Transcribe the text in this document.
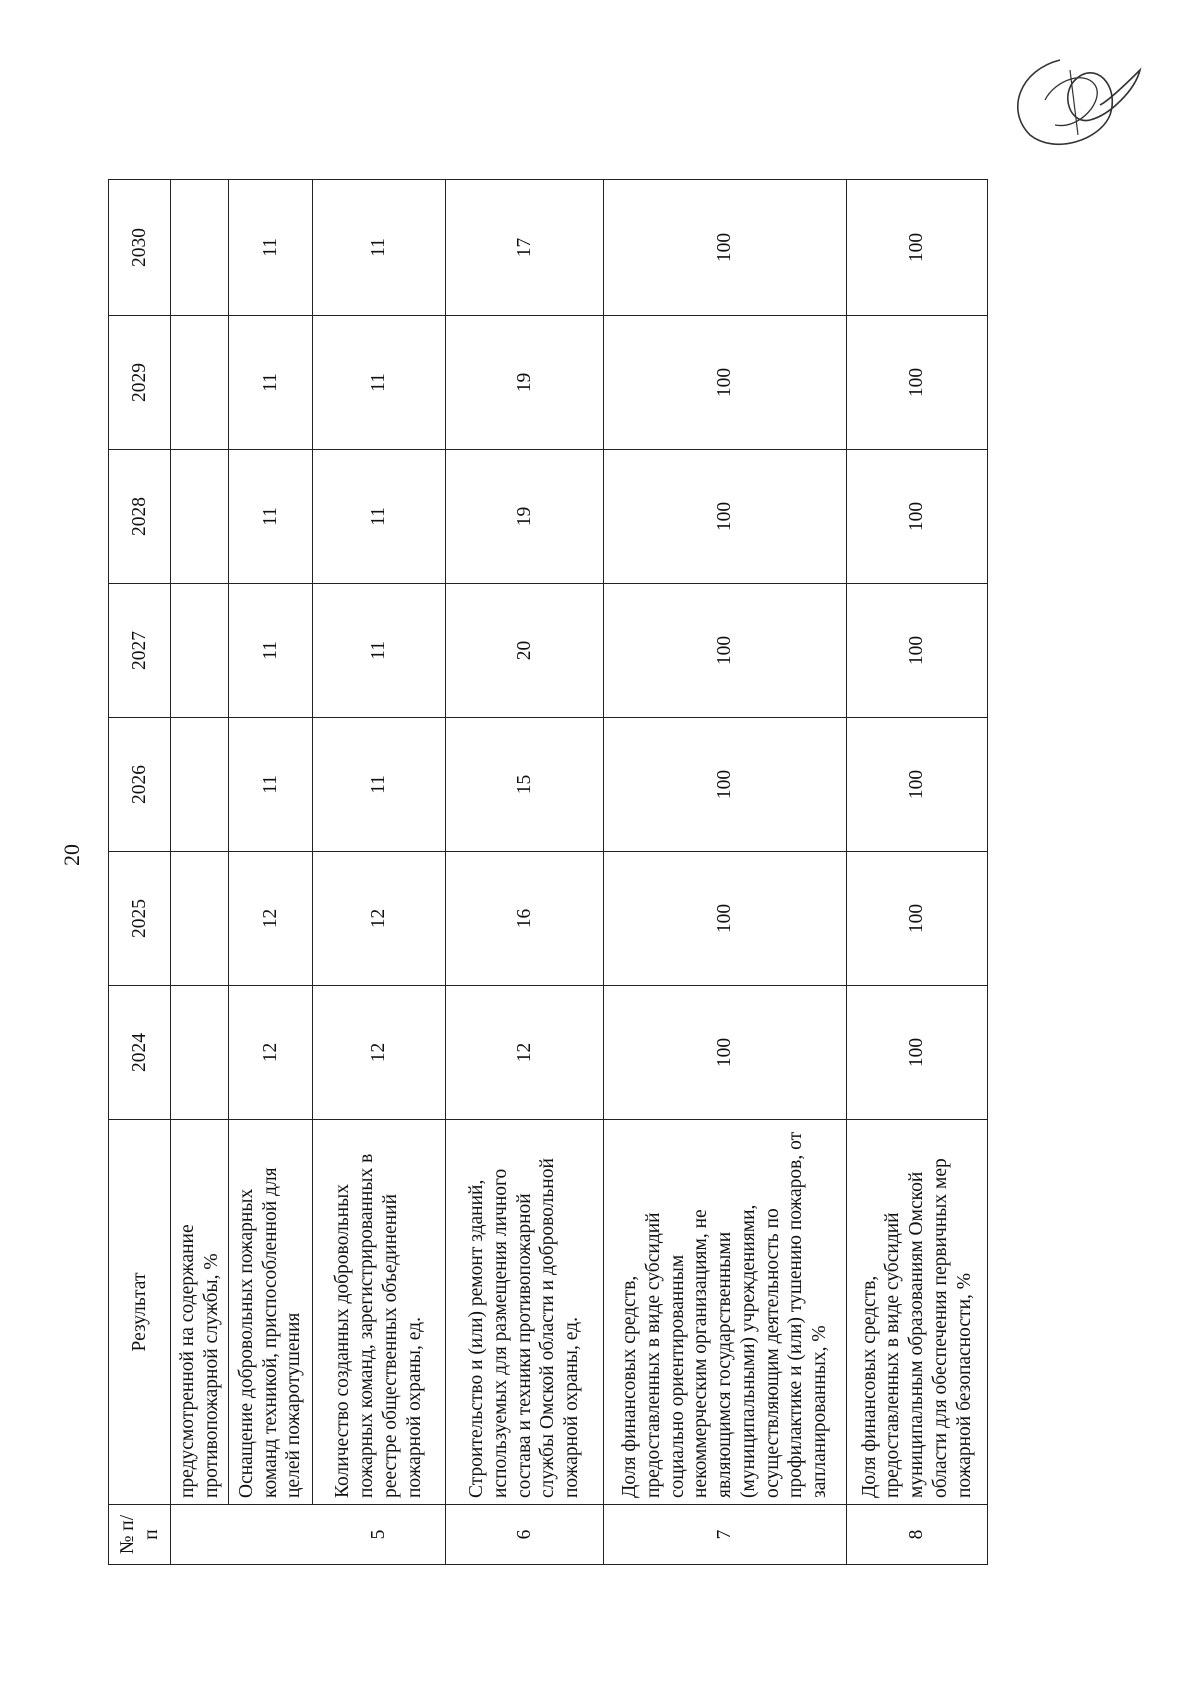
20
№ п/п	Результат	2024	2025	2026	2027	2028	2029	2030
	предусмотренной на содержание противопожарной службы, %							
	Оснащение добровольных пожарных команд техникой, приспособленной для целей пожаротушения	12	12	11	11	11	11	11
5	Количество созданных добровольных пожарных команд, зарегистрированных в реестре общественных объединений пожарной охраны, ед.	12	12	11	11	11	11	11
6	Строительство и (или) ремонт зданий, используемых для размещения личного состава и техники противопожарной службы Омской области и добровольной пожарной охраны, ед.	12	16	15	20	19	19	17
7	Доля финансовых средств, предоставленных в виде субсидий социально ориентированным некоммерческим организациям, не являющимся государственными (муниципальными) учреждениями, осуществляющим деятельность по профилактике и (или) тушению пожаров, от запланированных, %	100	100	100	100	100	100	100
8	Доля финансовых средств, предоставленных в виде субсидий муниципальным образованиям Омской области для обеспечения первичных мер пожарной безопасности, %	100	100	100	100	100	100	100
